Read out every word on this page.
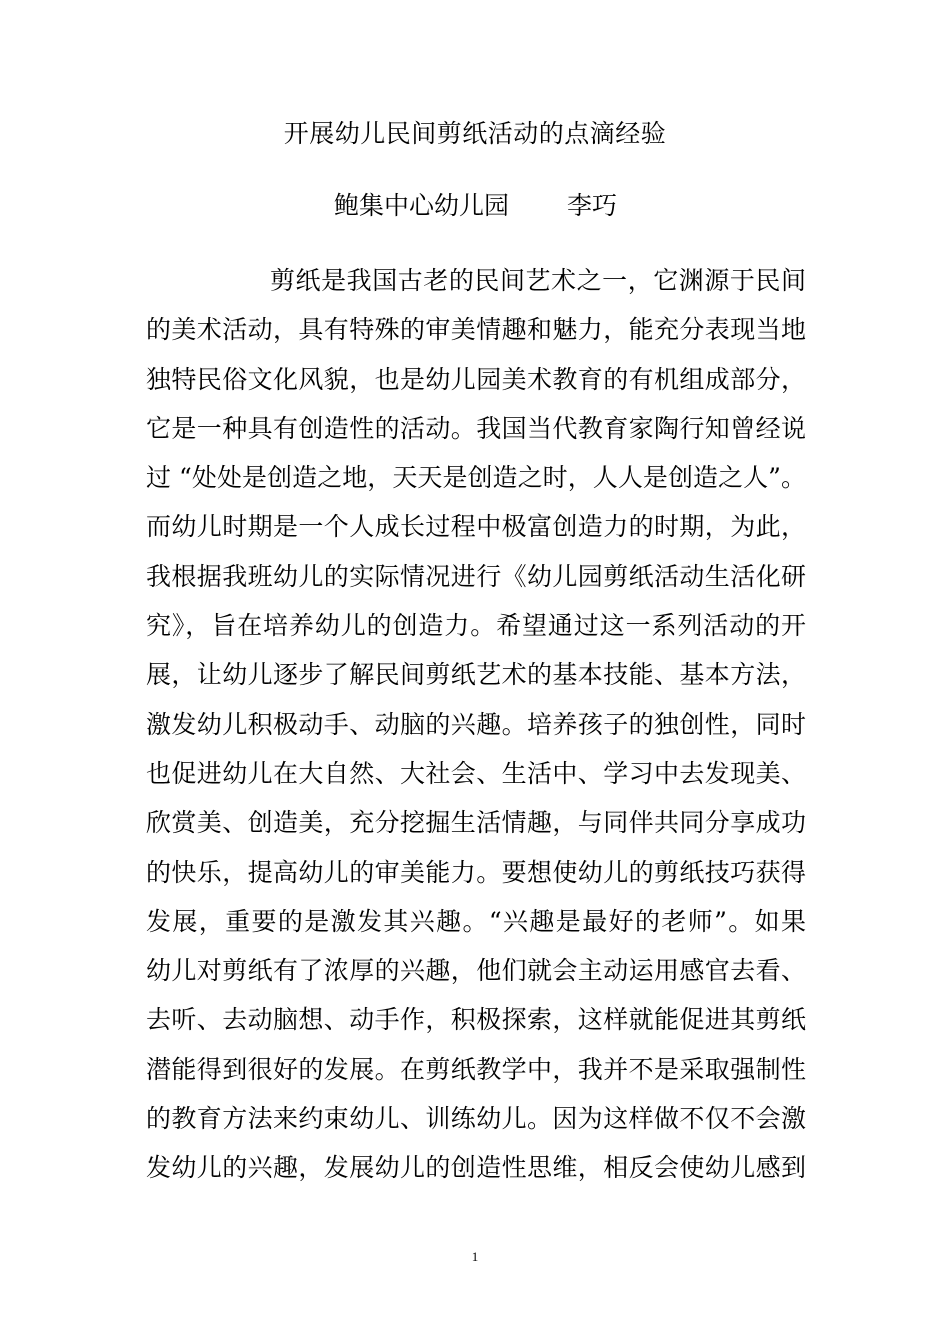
开展幼儿民间剪纸活动的点滴经验
鲍集中心幼儿园 李巧
剪纸是我国古老的民间艺术之一，它渊源于民间
的美术活动，具有特殊的审美情趣和魅力，能充分表现当地
独特民俗文化风貌，也是幼儿园美术教育的有机组成部分，
它是一种具有创造性的活动。我国当代教育家陶行知曾经说
过 “处处是创造之地，天天是创造之时，人人是创造之人”。
而幼儿时期是一个人成长过程中极富创造力的时期，为此，
我根据我班幼儿的实际情况进行《幼儿园剪纸活动生活化研
究》，旨在培养幼儿的创造力。希望通过这一系列活动的开
展，让幼儿逐步了解民间剪纸艺术的基本技能、基本方法，
激发幼儿积极动手、动脑的兴趣。培养孩子的独创性，同时
也促进幼儿在大自然、大社会、生活中、学习中去发现美、
欣赏美、创造美，充分挖掘生活情趣，与同伴共同分享成功
的快乐，提高幼儿的审美能力。要想使幼儿的剪纸技巧获得
发展，重要的是激发其兴趣。“兴趣是最好的老师”。如果
幼儿对剪纸有了浓厚的兴趣，他们就会主动运用感官去看、
去听、去动脑想、动手作，积极探索，这样就能促进其剪纸
潜能得到很好的发展。在剪纸教学中，我并不是采取强制性
的教育方法来约束幼儿、训练幼儿。因为这样做不仅不会激
发幼儿的兴趣，发展幼儿的创造性思维，相反会使幼儿感到
1
